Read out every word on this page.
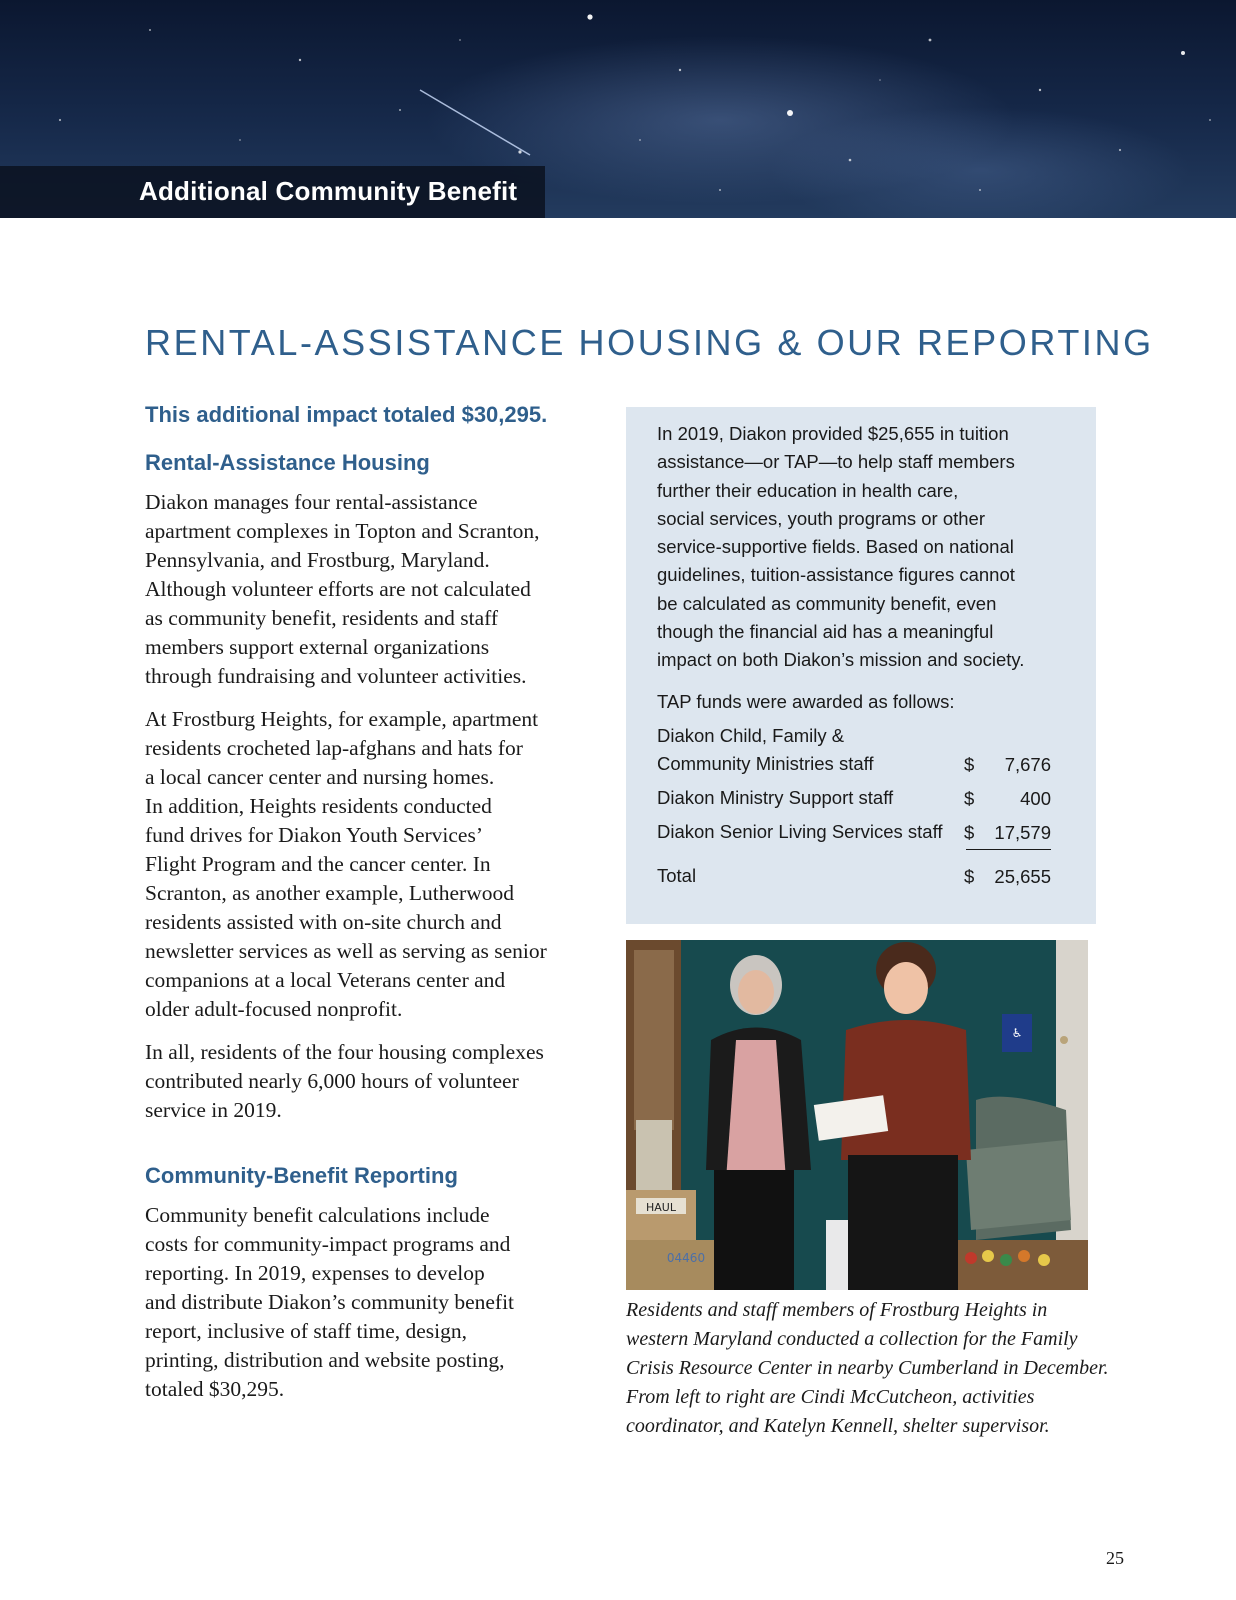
Additional Community Benefit
RENTAL-ASSISTANCE HOUSING & OUR REPORTING
This additional impact totaled $30,295.
Rental-Assistance Housing
Diakon manages four rental-assistance
apartment complexes in Topton and Scranton,
Pennsylvania, and Frostburg, Maryland.
Although volunteer efforts are not calculated
as community benefit, residents and staff
members support external organizations
through fundraising and volunteer activities.
At Frostburg Heights, for example, apartment
residents crocheted lap-afghans and hats for
a local cancer center and nursing homes.
In addition, Heights residents conducted
fund drives for Diakon Youth Services’
Flight Program and the cancer center. In
Scranton, as another example, Lutherwood
residents assisted with on-site church and
newsletter services as well as serving as senior
companions at a local Veterans center and
older adult-focused nonprofit.
In all, residents of the four housing complexes
contributed nearly 6,000 hours of volunteer
service in 2019.
Community-Benefit Reporting
Community benefit calculations include
costs for community-impact programs and
reporting. In 2019, expenses to develop
and distribute Diakon’s community benefit
report, inclusive of staff time, design,
printing, distribution and website posting,
totaled $30,295.
In 2019, Diakon provided $25,655 in tuition
assistance—or TAP—to help staff members
further their education in health care,
social services, youth programs or other
service-supportive fields. Based on national
guidelines, tuition-assistance figures cannot
be calculated as community benefit, even
though the financial aid has a meaningful
impact on both Diakon’s mission and society.
TAP funds were awarded as follows:
Diakon Child, Family &
Community Ministries staff	$ 7,676
Diakon Ministry Support staff	$ 400
Diakon Senior Living Services staff $ 17,579
Total	$ 25,655
♿
HAUL
04460
Residents and staff members of Frostburg Heights in
western Maryland conducted a collection for the Family
Crisis Resource Center in nearby Cumberland in December.
From left to right are Cindi McCutcheon, activities
coordinator, and Katelyn Kennell, shelter supervisor.
25
